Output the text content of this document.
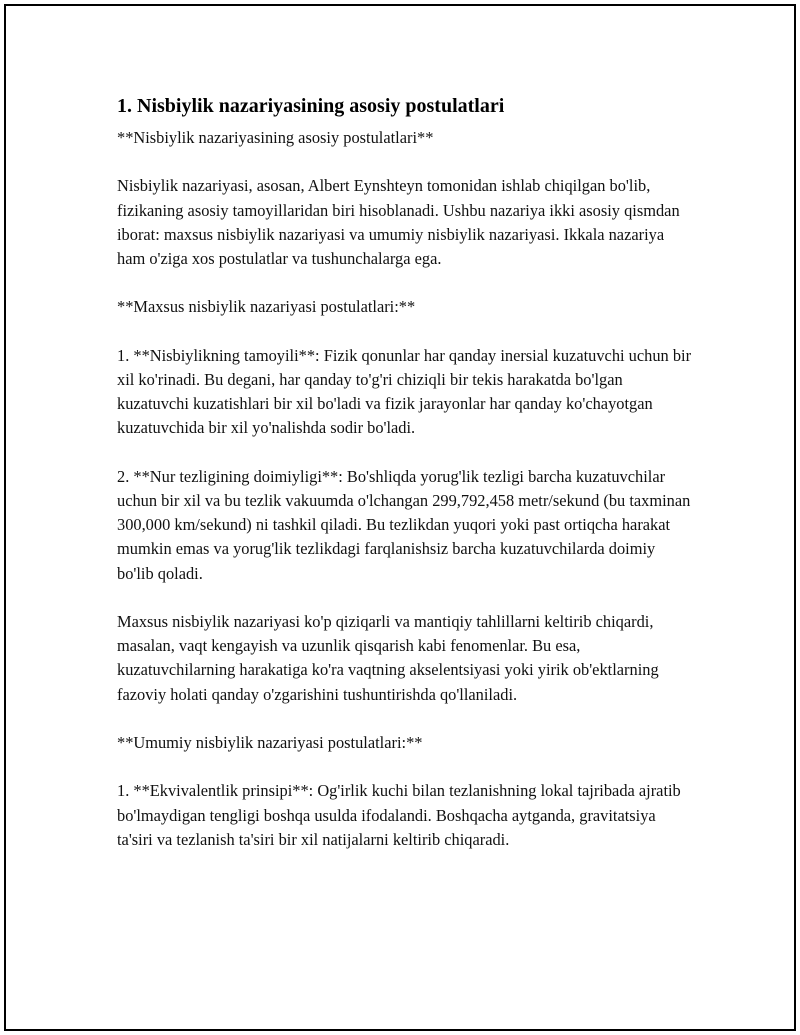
1. Nisbiylik nazariyasining asosiy postulatlari

**Nisbiylik nazariyasining asosiy postulatlari**

Nisbiylik nazariyasi, asosan, Albert Eynshteyn tomonidan ishlab chiqilgan bo'lib, fizikaning asosiy tamoyillaridan biri hisoblanadi. Ushbu nazariya ikki asosiy qismdan iborat: maxsus nisbiylik nazariyasi va umumiy nisbiylik nazariyasi. Ikkala nazariya ham o'ziga xos postulatlar va tushunchalarga ega.

**Maxsus nisbiylik nazariyasi postulatlari:**

1. **Nisbiylikning tamoyili**: Fizik qonunlar har qanday inersial kuzatuvchi uchun bir xil ko'rinadi. Bu degani, har qanday to'g'ri chiziqli bir tekis harakatda bo'lgan kuzatuvchi kuzatishlari bir xil bo'ladi va fizik jarayonlar har qanday ko'chayotgan kuzatuvchida bir xil yo'nalishda sodir bo'ladi.

2. **Nur tezligining doimiyligi**: Bo'shliqda yorug'lik tezligi barcha kuzatuvchilar uchun bir xil va bu tezlik vakuumda o'lchangan 299,792,458 metr/sekund (bu taxminan 300,000 km/sekund) ni tashkil qiladi. Bu tezlikdan yuqori yoki past ortiqcha harakat mumkin emas va yorug'lik tezlikdagi farqlanishsiz barcha kuzatuvchilarda doimiy bo'lib qoladi.

Maxsus nisbiylik nazariyasi ko'p qiziqarli va mantiqiy tahlillarni keltirib chiqardi, masalan, vaqt kengayish va uzunlik qisqarish kabi fenomenlar. Bu esa, kuzatuvchilarning harakatiga ko'ra vaqtning akselentsiyasi yoki yirik ob'ektlarning fazoviy holati qanday o'zgarishini tushuntirishda qo'llaniladi.

**Umumiy nisbiylik nazariyasi postulatlari:**

1. **Ekvivalentlik prinsipi**: Og'irlik kuchi bilan tezlanishning lokal tajribada ajratib bo'lmaydigan tengligi boshqa usulda ifodalandi. Boshqacha aytganda, gravitatsiya ta'siri va tezlanish ta'siri bir xil natijalarni keltirib chiqaradi.
